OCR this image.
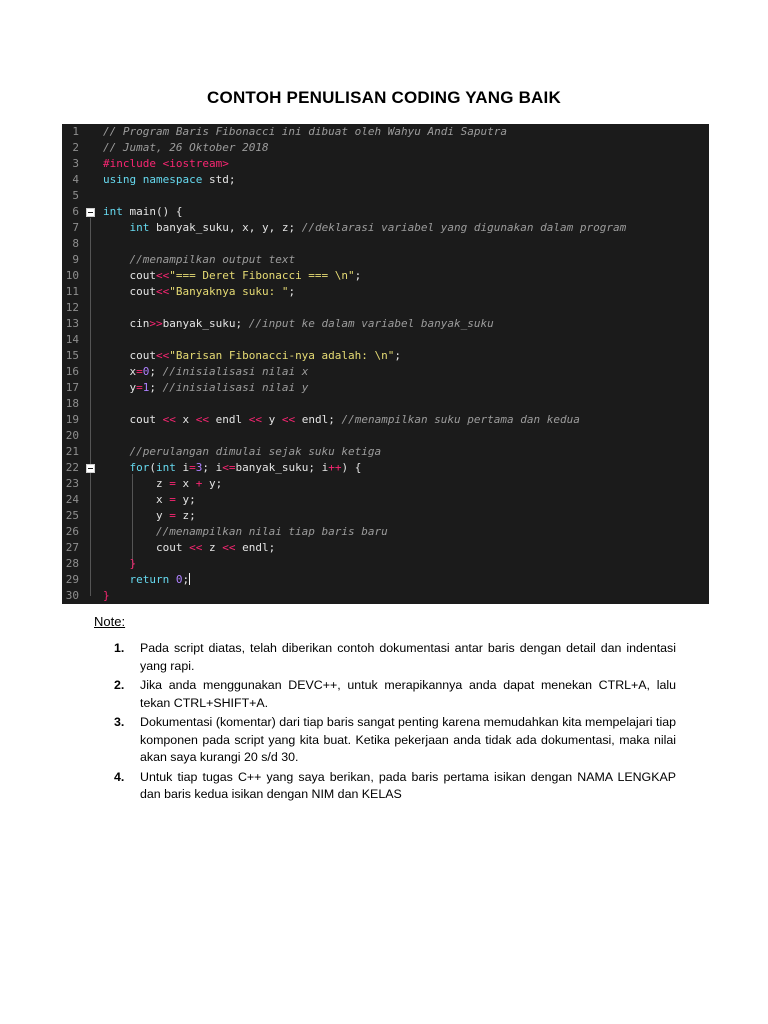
CONTOH PENULISAN CODING YANG BAIK
1 // Program Baris Fibonacci ini dibuat oleh Wahyu Andi Saputra
2 // Jumat, 26 Oktober 2018
3 #include <iostream>
4 using namespace std;
5
6 int main() {
7	int banyak_suku, x, y, z; //deklarasi variabel yang digunakan dalam program
8
9	//menampilkan output text
10 cout<<"=== Deret Fibonacci === \n";
11 cout<<"Banyaknya suku: ";
12
13 cin>>banyak_suku; //input ke dalam variabel banyak_suku
14
15 cout<<"Barisan Fibonacci-nya adalah: \n";
16 x=0; //inisialisasi nilai x
17 y=1; //inisialisasi nilai y
18
19 cout << x << endl << y << endl; //menampilkan suku pertama dan kedua
20
21	//perulangan dimulai sejak suku ketiga
22	for(int i=3; i<=banyak_suku; i++) {
23 z = x + y;
24 x = y;
25 y = z;
26	//menampilkan nilai tiap baris baru
27 cout << z << endl;
28	}
29	return 0;
30 }
Note:
1. Pada script diatas, telah diberikan contoh dokumentasi antar baris dengan detail dan indentasi yang rapi.
2. Jika anda menggunakan DEVC++, untuk merapikannya anda dapat menekan CTRL+A, lalu tekan CTRL+SHIFT+A.
3. Dokumentasi (komentar) dari tiap baris sangat penting karena memudahkan kita mempelajari tiap komponen pada script yang kita buat. Ketika pekerjaan anda tidak ada dokumentasi, maka nilai akan saya kurangi 20 s/d 30.
4. Untuk tiap tugas C++ yang saya berikan, pada baris pertama isikan dengan NAMA LENGKAP dan baris kedua isikan dengan NIM dan KELAS
